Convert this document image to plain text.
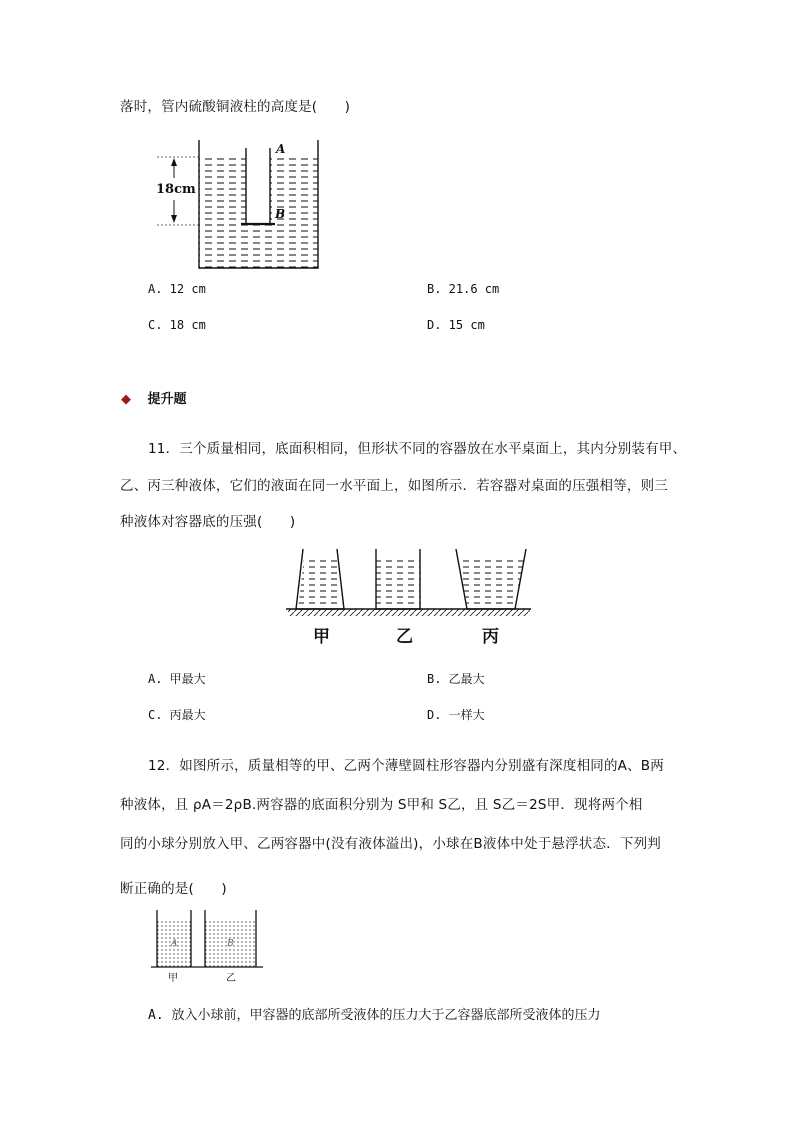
落时，管内硫酸铜液柱的高度是(　　)
18cm
A
B
甲	乙	丙
A	B
甲	乙
A. 12 cm	B. 21.6 cm
C. 18 cm	D. 15 cm
◆ 提升题
11．三个质量相同，底面积相同，但形状不同的容器放在水平桌面上，其内分别装有甲、
乙、丙三种液体，它们的液面在同一水平面上，如图所示．若容器对桌面的压强相等，则三
种液体对容器底的压强(　　)
A. 甲最大	B. 乙最大
C. 丙最大	D. 一样大
12．如图所示，质量相等的甲、乙两个薄壁圆柱形容器内分别盛有深度相同的A、B两
种液体，且 ρA＝2ρB.两容器的底面积分别为 S甲和 S乙，且 S乙＝2S甲．现将两个相
同的小球分别放入甲、乙两容器中(没有液体溢出)，小球在B液体中处于悬浮状态．下列判
断正确的是(　　)
A. 放入小球前，甲容器的底部所受液体的压力大于乙容器底部所受液体的压力
